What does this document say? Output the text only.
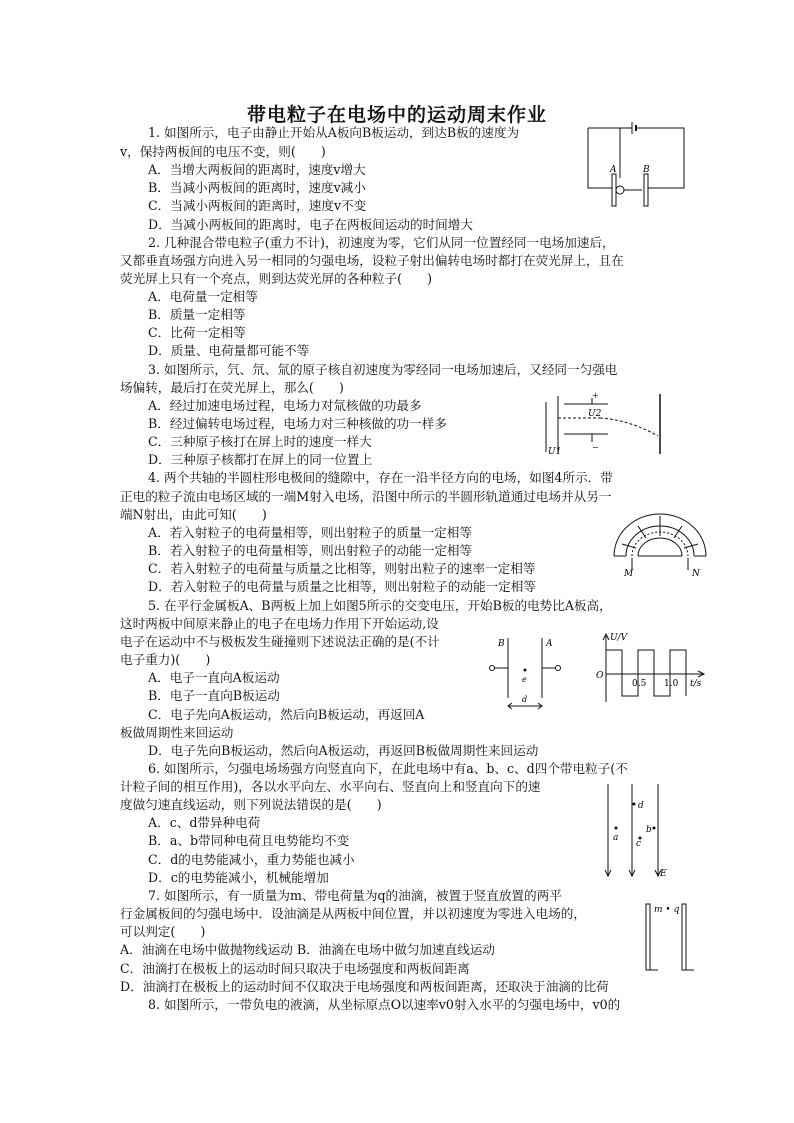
带电粒子在电场中的运动周末作业
1. 如图所示，电子由静止开始从A板向B板运动，到达B板的速度为
v，保持两板间的电压不变，则(　　)
A．当增大两板间的距离时，速度v增大
B．当减小两板间的距离时，速度v减小
C．当减小两板间的距离时，速度v不变
D．当减小两板间的距离时，电子在两板间运动的时间增大
A	B
2. 几种混合带电粒子(重力不计)，初速度为零，它们从同一位置经同一电场加速后，
又都垂直场强方向进入另一相同的匀强电场，设粒子射出偏转电场时都打在荧光屏上，且在
荧光屏上只有一个亮点，则到达荧光屏的各种粒子(　　)
A．电荷量一定相等
B．质量一定相等
C．比荷一定相等
D．质量、电荷量都可能不等
3. 如图所示，氕、氘、氚的原子核自初速度为零经同一电场加速后，又经同一匀强电
场偏转，最后打在荧光屏上，那么(　　)
A．经过加速电场过程，电场力对氚核做的功最多
B．经过偏转电场过程，电场力对三种核做的功一样多
C．三种原子核打在屏上时的速度一样大
D．三种原子核都打在屏上的同一位置上
+
−
U2
U1
4. 两个共轴的半圆柱形电极间的缝隙中，存在一沿半径方向的电场，如图4所示．带
正电的粒子流由电场区域的一端M射入电场，沿图中所示的半圆形轨道通过电场并从另一
端N射出，由此可知(　　)
A．若入射粒子的电荷量相等，则出射粒子的质量一定相等
B．若入射粒子的电荷量相等，则出射粒子的动能一定相等
C．若入射粒子的电荷量与质量之比相等，则射出粒子的速率一定相等
D．若入射粒子的电荷量与质量之比相等，则出射粒子的动能一定相等
M	N
5. 在平行金属板A、B两板上加上如图5所示的交变电压，开始B板的电势比A板高，
这时两板中间原来静止的电子在电场力作用下开始运动,设
电子在运动中不与极板发生碰撞则下述说法正确的是(不计
电子重力)(　　)
A．电子一直向A板运动
B．电子一直向B板运动
C．电子先向A板运动，然后向B板运动，再返回A
板做周期性来回运动
D．电子先向B板运动，然后向A板运动，再返回B板做周期性来回运动
B	A
e
d
U/V
O
0.5 1.0 t/s
6. 如图所示，匀强电场场强方向竖直向下，在此电场中有a、b、c、d四个带电粒子(不
计粒子间的相互作用)，各以水平向左、水平向右、竖直向上和竖直向下的速
度做匀速直线运动，则下列说法错误的是(　　)
A．c、d带异种电荷
B．a、b带同种电荷且电势能均不变
C．d的电势能减小，重力势能也减小
D．c的电势能减小，机械能增加
d
a
b
c
E
7. 如图所示，有一质量为m、带电荷量为q的油滴，被置于竖直放置的两平
行金属板间的匀强电场中．设油滴是从两板中间位置，并以初速度为零进入电场的，
可以判定(　　)
A．油滴在电场中做抛物线运动 B．油滴在电场中做匀加速直线运动
C．油滴打在极板上的运动时间只取决于电场强度和两板间距离
D．油滴打在极板上的运动时间不仅取决于电场强度和两板间距离，还取决于油滴的比荷
m • q
8. 如图所示，一带负电的液滴，从坐标原点O以速率v0射入水平的匀强电场中，v0的
